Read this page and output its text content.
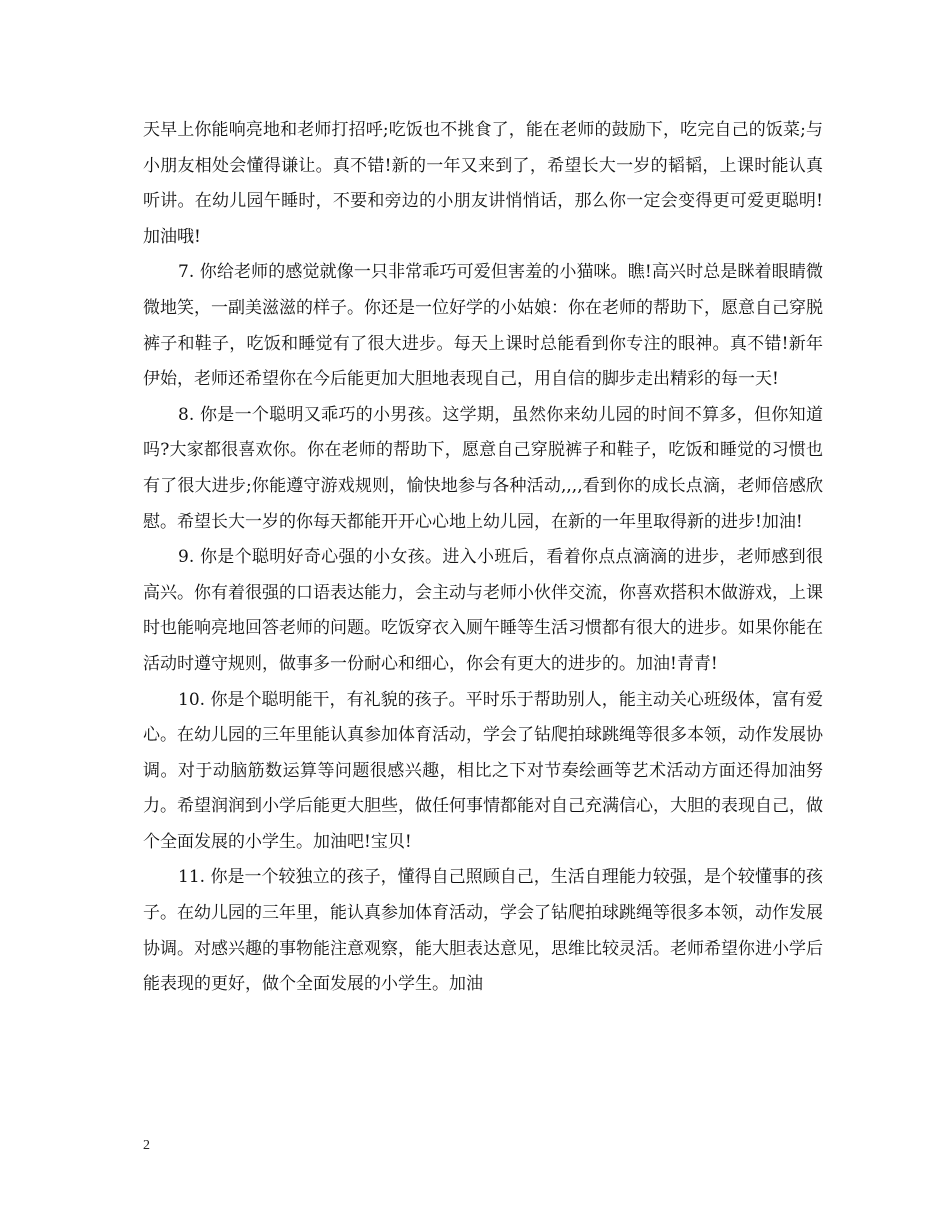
天早上你能响亮地和老师打招呼;吃饭也不挑食了，能在老师的鼓励下，吃完自己的饭菜;与小朋友相处会懂得谦让。真不错!新的一年又来到了，希望长大一岁的韬韬，上课时能认真听讲。在幼儿园午睡时，不要和旁边的小朋友讲悄悄话，那么你一定会变得更可爱更聪明!加油哦!

7. 你给老师的感觉就像一只非常乖巧可爱但害羞的小猫咪。瞧!高兴时总是眯着眼睛微微地笑，一副美滋滋的样子。你还是一位好学的小姑娘：你在老师的帮助下，愿意自己穿脱裤子和鞋子，吃饭和睡觉有了很大进步。每天上课时总能看到你专注的眼神。真不错!新年伊始，老师还希望你在今后能更加大胆地表现自己，用自信的脚步走出精彩的每一天!

8. 你是一个聪明又乖巧的小男孩。这学期，虽然你来幼儿园的时间不算多，但你知道吗?大家都很喜欢你。你在老师的帮助下，愿意自己穿脱裤子和鞋子，吃饭和睡觉的习惯也有了很大进步;你能遵守游戏规则，愉快地参与各种活动,,,,看到你的成长点滴，老师倍感欣慰。希望长大一岁的你每天都能开开心心地上幼儿园，在新的一年里取得新的进步!加油!

9. 你是个聪明好奇心强的小女孩。进入小班后，看着你点点滴滴的进步，老师感到很高兴。你有着很强的口语表达能力，会主动与老师小伙伴交流，你喜欢搭积木做游戏，上课时也能响亮地回答老师的问题。吃饭穿衣入厕午睡等生活习惯都有很大的进步。如果你能在活动时遵守规则，做事多一份耐心和细心，你会有更大的进步的。加油!青青!

10. 你是个聪明能干，有礼貌的孩子。平时乐于帮助别人，能主动关心班级体，富有爱心。在幼儿园的三年里能认真参加体育活动，学会了钻爬拍球跳绳等很多本领，动作发展协调。对于动脑筋数运算等问题很感兴趣，相比之下对节奏绘画等艺术活动方面还得加油努力。希望润润到小学后能更大胆些，做任何事情都能对自己充满信心，大胆的表现自己，做个全面发展的小学生。加油吧!宝贝!

11. 你是一个较独立的孩子，懂得自己照顾自己，生活自理能力较强，是个较懂事的孩子。在幼儿园的三年里，能认真参加体育活动，学会了钻爬拍球跳绳等很多本领，动作发展协调。对感兴趣的事物能注意观察，能大胆表达意见，思维比较灵活。老师希望你进小学后能表现的更好，做个全面发展的小学生。加油

2
